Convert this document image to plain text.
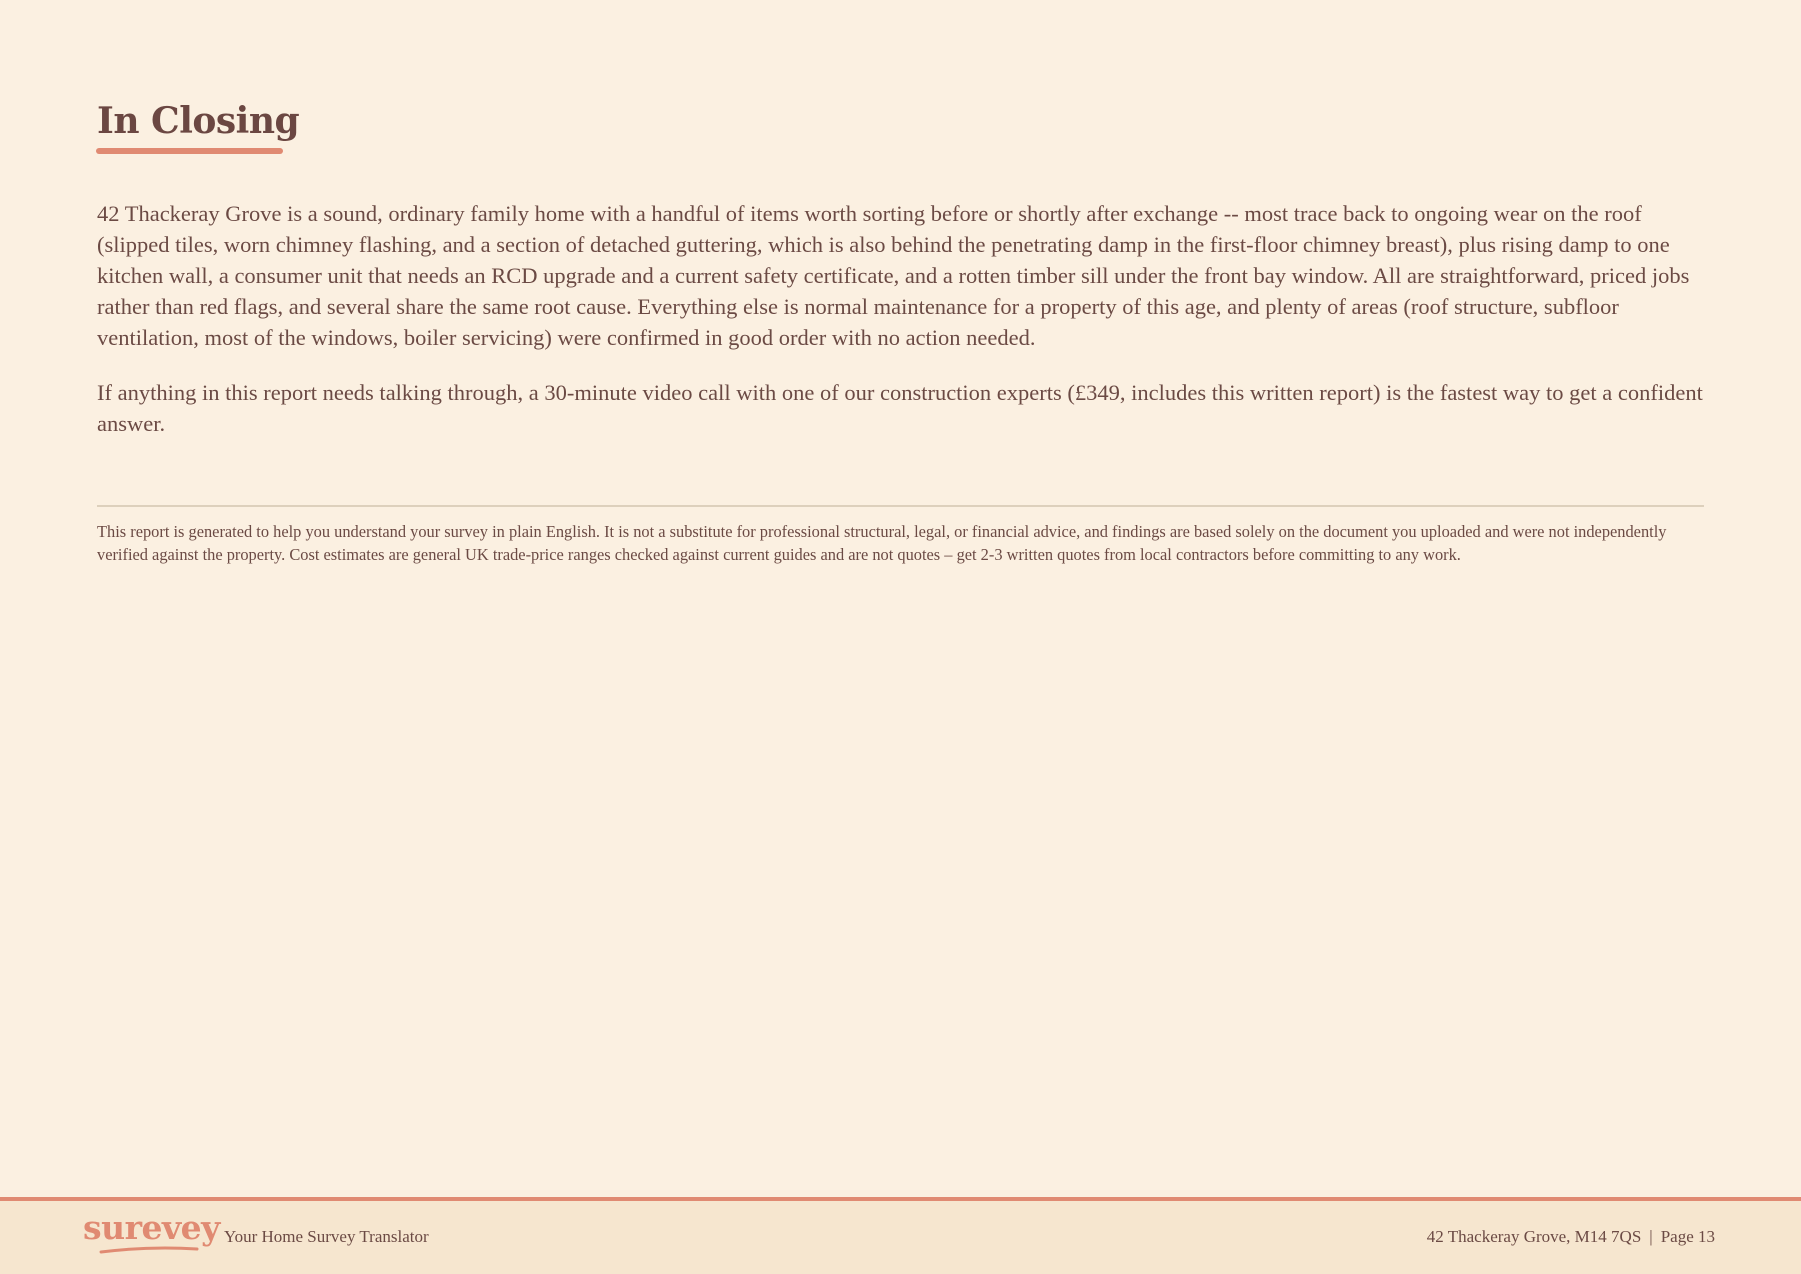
In Closing

42 Thackeray Grove is a sound, ordinary family home with a handful of items worth sorting before or shortly after exchange -- most trace back to ongoing wear on the roof (slipped tiles, worn chimney flashing, and a section of detached guttering, which is also behind the penetrating damp in the first-floor chimney breast), plus rising damp to one kitchen wall, a consumer unit that needs an RCD upgrade and a current safety certificate, and a rotten timber sill under the front bay window. All are straightforward, priced jobs rather than red flags, and several share the same root cause. Everything else is normal maintenance for a property of this age, and plenty of areas (roof structure, subfloor ventilation, most of the windows, boiler servicing) were confirmed in good order with no action needed.

If anything in this report needs talking through, a 30-minute video call with one of our construction experts (£349, includes this written report) is the fastest way to get a confident answer.

This report is generated to help you understand your survey in plain English. It is not a substitute for professional structural, legal, or financial advice, and findings are based solely on the document you uploaded and were not independently verified against the property. Cost estimates are general UK trade-price ranges checked against current guides and are not quotes – get 2-3 written quotes from local contractors before committing to any work.

surevey Your Home Survey Translator	42 Thackeray Grove, M14 7QS | Page 13
